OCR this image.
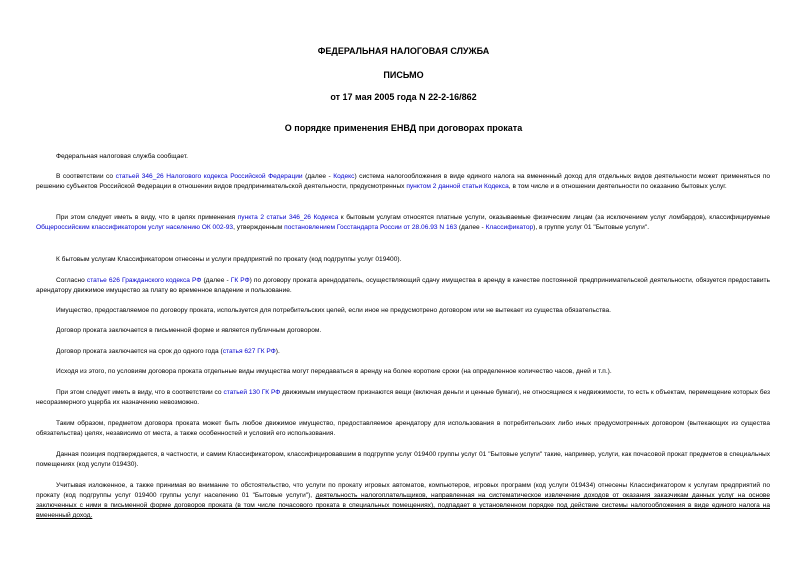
ФЕДЕРАЛЬНАЯ НАЛОГОВАЯ СЛУЖБА
ПИСЬМО
от 17 мая 2005 года N 22-2-16/862
О порядке применения ЕНВД при договорах проката

Федеральная налоговая служба сообщает.

В соответствии со статьей 346_26 Налогового кодекса Российской Федерации (далее - Кодекс) система налогообложения в виде единого налога на вмененный доход для отдельных видов деятельности может применяться по решению субъектов Российской Федерации в отношении видов предпринимательской деятельности, предусмотренных пунктом 2 данной статьи Кодекса, в том числе и в отношении деятельности по оказанию бытовых услуг.

При этом следует иметь в виду, что в целях применения пункта 2 статьи 346_26 Кодекса к бытовым услугам относятся платные услуги, оказываемые физическим лицам (за исключением услуг ломбардов), классифицируемые Общероссийским классификатором услуг населению ОК 002-93, утвержденным постановлением Госстандарта России от 28.06.93 N 163 (далее - Классификатор), в группе услуг 01 "Бытовые услуги".

К бытовым услугам Классификатором отнесены и услуги предприятий по прокату (код подгруппы услуг 019400).

Согласно статье 626 Гражданского кодекса РФ (далее - ГК РФ) по договору проката арендодатель, осуществляющий сдачу имущества в аренду в качестве постоянной предпринимательской деятельности, обязуется предоставить арендатору движимое имущество за плату во временное владение и пользование.

Имущество, предоставляемое по договору проката, используется для потребительских целей, если иное не предусмотрено договором или не вытекает из существа обязательства.

Договор проката заключается в письменной форме и является публичным договором.

Договор проката заключается на срок до одного года (статья 627 ГК РФ).

Исходя из этого, по условиям договора проката отдельные виды имущества могут передаваться в аренду на более короткие сроки (на определенное количество часов, дней и т.п.).

При этом следует иметь в виду, что в соответствии со статьей 130 ГК РФ движимым имуществом признаются вещи (включая деньги и ценные бумаги), не относящиеся к недвижимости, то есть к объектам, перемещение которых без несоразмерного ущерба их назначению невозможно.

Таким образом, предметом договора проката может быть любое движимое имущество, предоставляемое арендатору для использования в потребительских либо иных предусмотренных договором (вытекающих из существа обязательства) целях, независимо от места, а также особенностей и условий его использования.

Данная позиция подтверждается, в частности, и самим Классификатором, классифицировавшим в подгруппе услуг 019400 группы услуг 01 "Бытовые услуги" такие, например, услуги, как почасовой прокат предметов в специальных помещениях (код услуги 019430).

Учитывая изложенное, а также принимая во внимание то обстоятельство, что услуги по прокату игровых автоматов, компьютеров, игровых программ (код услуги 019434) отнесены Классификатором к услугам предприятий по прокату (код подгруппы услуг 019400 группы услуг населению 01 "Бытовые услуги"), деятельность налогоплательщиков, направленная на систематическое извлечение доходов от оказания заказчикам данных услуг на основе заключенных с ними в письменной форме договоров проката (в том числе почасового проката в специальных помещениях), подпадает в установленном порядке под действие системы налогообложения в виде единого налога на вмененный доход.
